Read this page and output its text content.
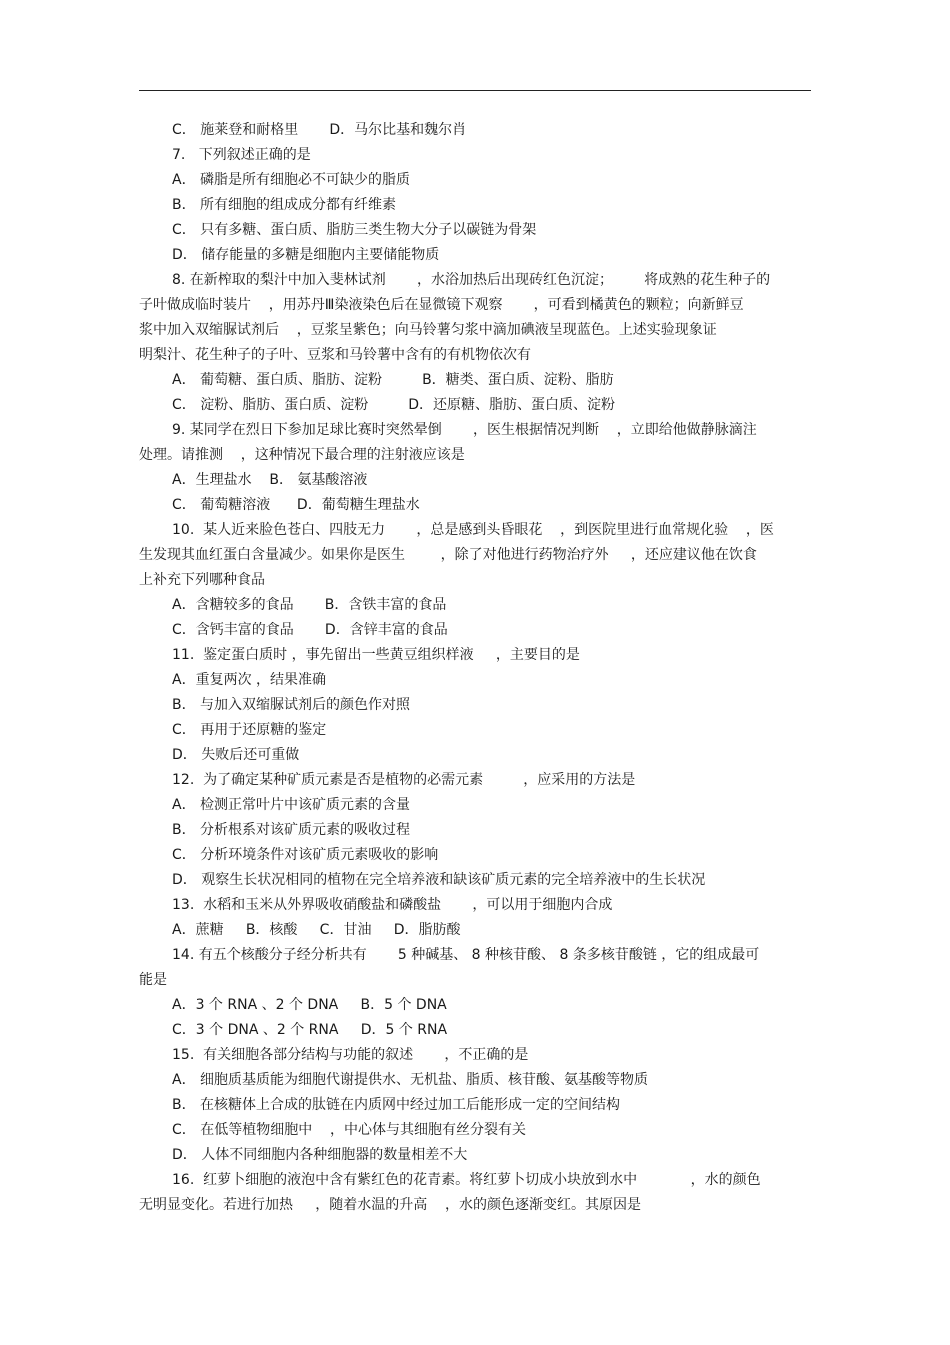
C． 施莱登和耐格里       D．马尔比基和魏尔肖
7.   下列叙述正确的是
A． 磷脂是所有细胞必不可缺少的脂质
B． 所有细胞的组成成分都有纤维素
C． 只有多糖、蛋白质、脂肪三类生物大分子以碳链为骨架
D． 储存能量的多糖是细胞内主要储能物质
8. 在新榨取的梨汁中加入斐林试剂       ，水浴加热后出现砖红色沉淀；       将成熟的花生种子的
子叶做成临时装片    ，用苏丹Ⅲ染液染色后在显微镜下观察       ，可看到橘黄色的颗粒；向新鲜豆
浆中加入双缩脲试剂后    ，豆浆呈紫色；向马铃薯匀浆中滴加碘液呈现蓝色。上述实验现象证
明梨汁、花生种子的子叶、豆浆和马铃薯中含有的有机物依次有
A． 葡萄糖、蛋白质、脂肪、淀粉         B．糖类、蛋白质、淀粉、脂肪
C． 淀粉、脂肪、蛋白质、淀粉         D．还原糖、脂肪、蛋白质、淀粉
9. 某同学在烈日下参加足球比赛时突然晕倒       ，医生根据情况判断    ，立即给他做静脉滴注
处理。请推测    ，这种情况下最合理的注射液应该是
A．生理盐水    B． 氨基酸溶液
C． 葡萄糖溶液      D．葡萄糖生理盐水
10.  某人近来脸色苍白、四肢无力       ，总是感到头昏眼花    ，到医院里进行血常规化验    ，医
生发现其血红蛋白含量减少。如果你是医生        ，除了对他进行药物治疗外     ，还应建议他在饮食
上补充下列哪种食品
A．含糖较多的食品       B．含铁丰富的食品
C．含钙丰富的食品       D．含锌丰富的食品
11.  鉴定蛋白质时 ，事先留出一些黄豆组织样液     ，主要目的是
A．重复两次 ，结果准确
B． 与加入双缩脲试剂后的颜色作对照
C． 再用于还原糖的鉴定
D． 失败后还可重做
12.  为了确定某种矿质元素是否是植物的必需元素         ，应采用的方法是
A． 检测正常叶片中该矿质元素的含量
B． 分析根系对该矿质元素的吸收过程
C． 分析环境条件对该矿质元素吸收的影响
D． 观察生长状况相同的植物在完全培养液和缺该矿质元素的完全培养液中的生长状况
13.  水稻和玉米从外界吸收硝酸盐和磷酸盐       ，可以用于细胞内合成
A．蔗糖     B．核酸     C．甘油     D．脂肪酸
14. 有五个核酸分子经分析共有       5 种碱基、 8 种核苷酸、 8 条多核苷酸链 ，它的组成最可
能是
A．3 个 RNA 、2 个 DNA     B．5 个 DNA
C．3 个 DNA 、2 个 RNA     D．5 个 RNA
15.  有关细胞各部分结构与功能的叙述       ，不正确的是
A． 细胞质基质能为细胞代谢提供水、无机盐、脂质、核苷酸、氨基酸等物质
B． 在核糖体上合成的肽链在内质网中经过加工后能形成一定的空间结构
C． 在低等植物细胞中    ，中心体与其细胞有丝分裂有关
D． 人体不同细胞内各种细胞器的数量相差不大
16.  红萝卜细胞的液泡中含有紫红色的花青素。将红萝卜切成小块放到水中            ，水的颜色
无明显变化。若进行加热     ，随着水温的升高    ，水的颜色逐渐变红。其原因是
